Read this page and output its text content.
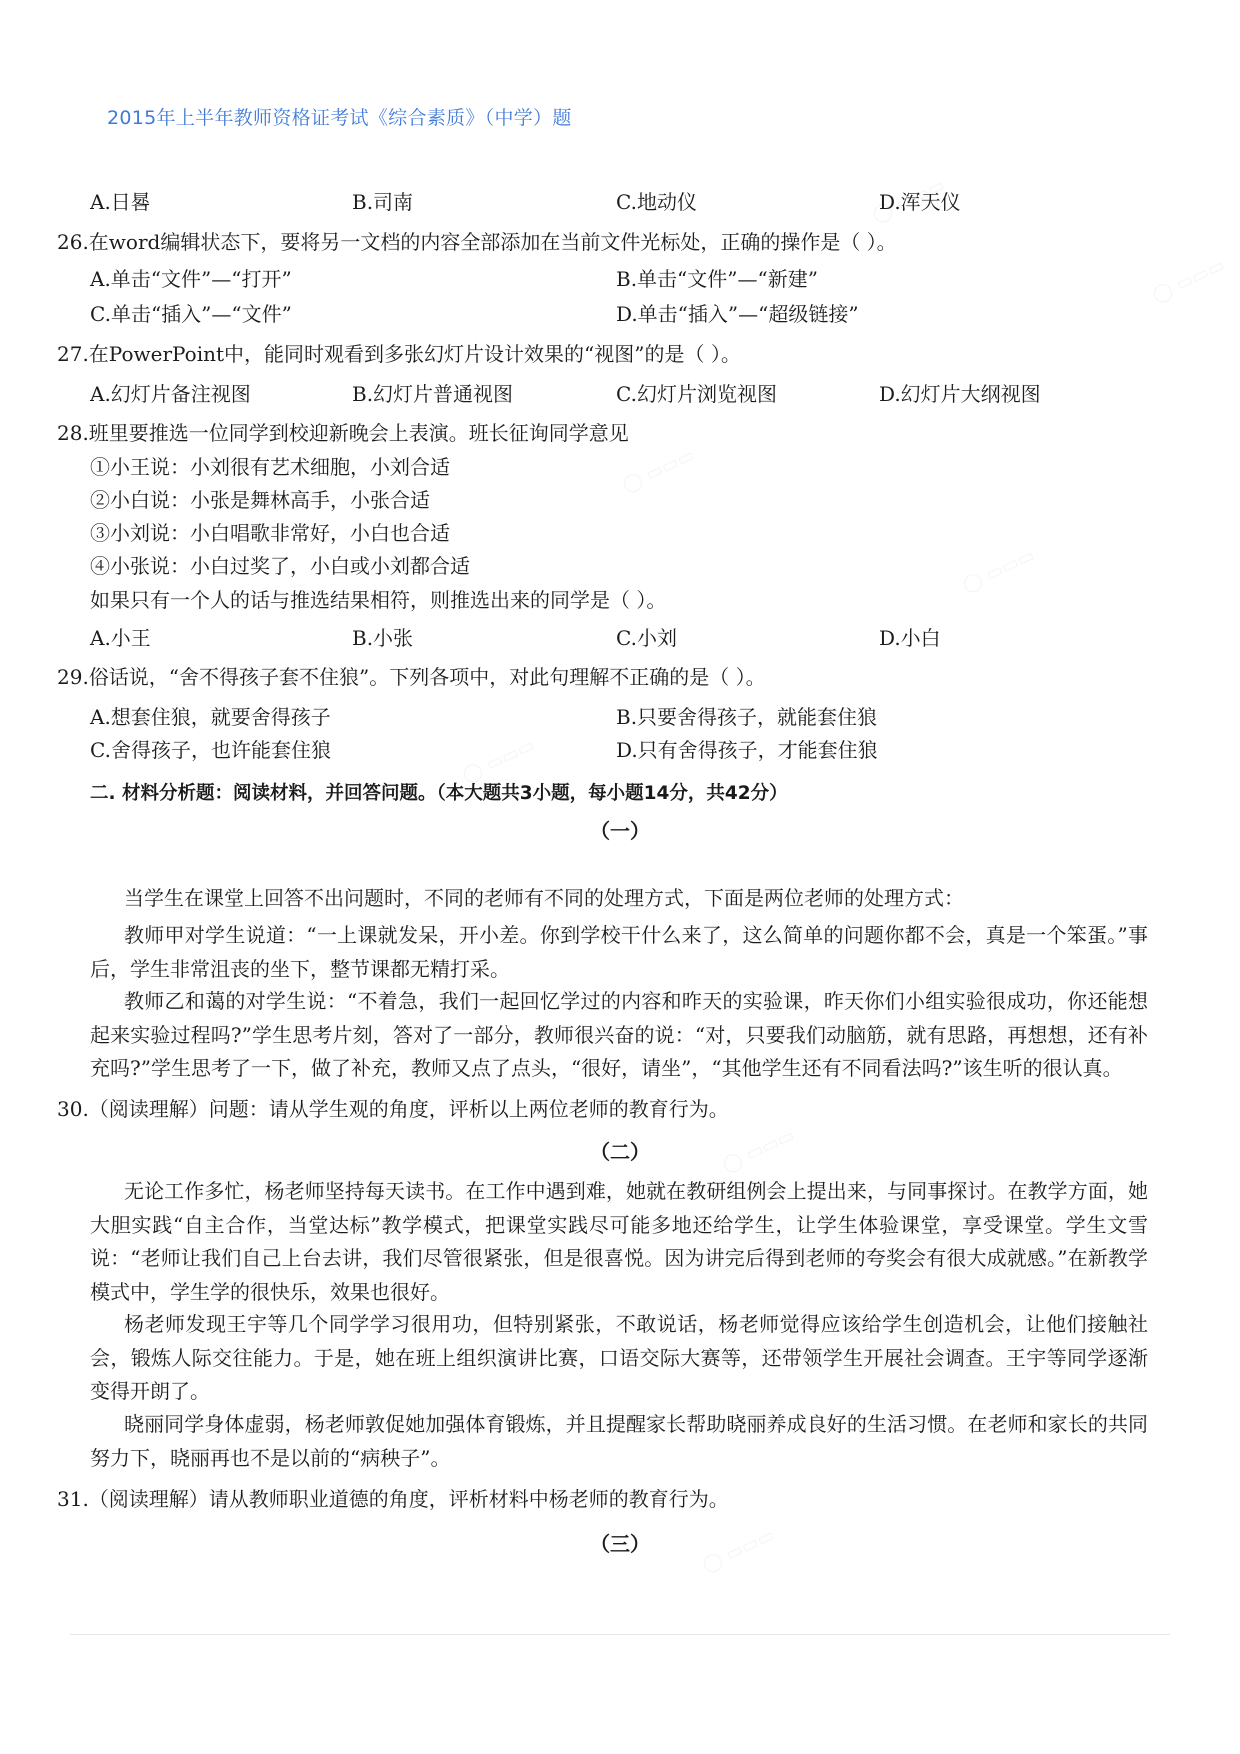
2015年上半年教师资格证考试《综合素质》（中学）题
A.日晷	B.司南	C.地动仪	D.浑天仪
26.在word编辑状态下，要将另一文档的内容全部添加在当前文件光标处，正确的操作是（ ）。
A.单击“文件”—“打开”	B.单击“文件”—“新建”
C.单击“插入”—“文件”	D.单击“插入”—“超级链接”
27.在PowerPoint中，能同时观看到多张幻灯片设计效果的“视图”的是（ ）。
A.幻灯片备注视图	B.幻灯片普通视图	C.幻灯片浏览视图	D.幻灯片大纲视图
28.班里要推选一位同学到校迎新晚会上表演。班长征询同学意见
①小王说：小刘很有艺术细胞，小刘合适
②小白说：小张是舞林高手，小张合适
③小刘说：小白唱歌非常好，小白也合适
④小张说：小白过奖了，小白或小刘都合适
如果只有一个人的话与推选结果相符，则推选出来的同学是（ ）。
A.小王	B.小张	C.小刘	D.小白
29.俗话说，“舍不得孩子套不住狼”。下列各项中，对此句理解不正确的是（ ）。
A.想套住狼，就要舍得孩子	B.只要舍得孩子，就能套住狼
C.舍得孩子，也许能套住狼	D.只有舍得孩子，才能套住狼
二. 材料分析题：阅读材料，并回答问题。（本大题共3小题，每小题14分，共42分）
（一）

当学生在课堂上回答不出问题时，不同的老师有不同的处理方式，下面是两位老师的处理方式：

教师甲对学生说道：“一上课就发呆，开小差。你到学校干什么来了，这么简单的问题你都不会，真是一个笨蛋。”事后，学生非常沮丧的坐下，整节课都无精打采。

教师乙和蔼的对学生说：“不着急，我们一起回忆学过的内容和昨天的实验课，昨天你们小组实验很成功，你还能想起来实验过程吗?”学生思考片刻，答对了一部分，教师很兴奋的说：“对，只要我们动脑筋，就有思路，再想想，还有补充吗?”学生思考了一下，做了补充，教师又点了点头，“很好，请坐”，“其他学生还有不同看法吗?”该生听的很认真。

30.（阅读理解）问题：请从学生观的角度，评析以上两位老师的教育行为。
（二）

无论工作多忙，杨老师坚持每天读书。在工作中遇到难，她就在教研组例会上提出来，与同事探讨。在教学方面，她大胆实践“自主合作，当堂达标”教学模式，把课堂实践尽可能多地还给学生，让学生体验课堂，享受课堂。学生文雪说：“老师让我们自己上台去讲，我们尽管很紧张，但是很喜悦。因为讲完后得到老师的夸奖会有很大成就感。”在新教学模式中，学生学的很快乐，效果也很好。

杨老师发现王宇等几个同学学习很用功，但特别紧张，不敢说话，杨老师觉得应该给学生创造机会，让他们接触社会，锻炼人际交往能力。于是，她在班上组织演讲比赛，口语交际大赛等，还带领学生开展社会调查。王宇等同学逐渐变得开朗了。

晓丽同学身体虚弱，杨老师敦促她加强体育锻炼，并且提醒家长帮助晓丽养成良好的生活习惯。在老师和家长的共同努力下，晓丽再也不是以前的“病秧子”。

31.（阅读理解）请从教师职业道德的角度，评析材料中杨老师的教育行为。
（三）
